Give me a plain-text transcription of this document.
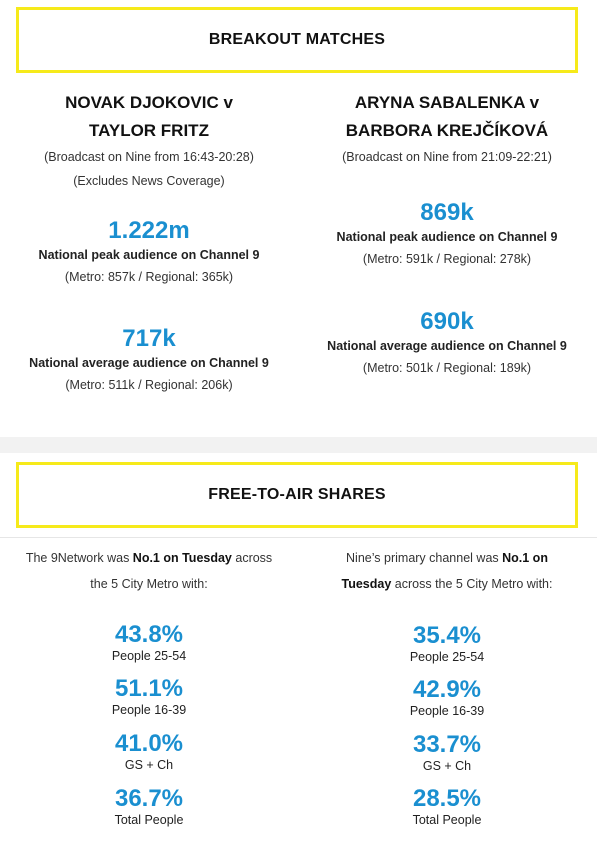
BREAKOUT MATCHES
NOVAK DJOKOVIC v
TAYLOR FRITZ
(Broadcast on Nine from 16:43-20:28)
(Excludes News Coverage)
1.222m
National peak audience on Channel 9
(Metro: 857k / Regional: 365k)
717k
National average audience on Channel 9
(Metro: 511k / Regional: 206k)
ARYNA SABALENKA v
BARBORA KREJČÍKOVÁ
(Broadcast on Nine from 21:09-22:21)
869k
National peak audience on Channel 9
(Metro: 591k / Regional: 278k)
690k
National average audience on Channel 9
(Metro: 501k / Regional: 189k)
FREE-TO-AIR SHARES
The 9Network was No.1 on Tuesday across
the 5 City Metro with:
Nine’s primary channel was No.1 on
Tuesday across the 5 City Metro with:
43.8%
People 25-54
51.1%
People 16-39
41.0%
GS + Ch
36.7%
Total People
35.4%
People 25-54
42.9%
People 16-39
33.7%
GS + Ch
28.5%
Total People
